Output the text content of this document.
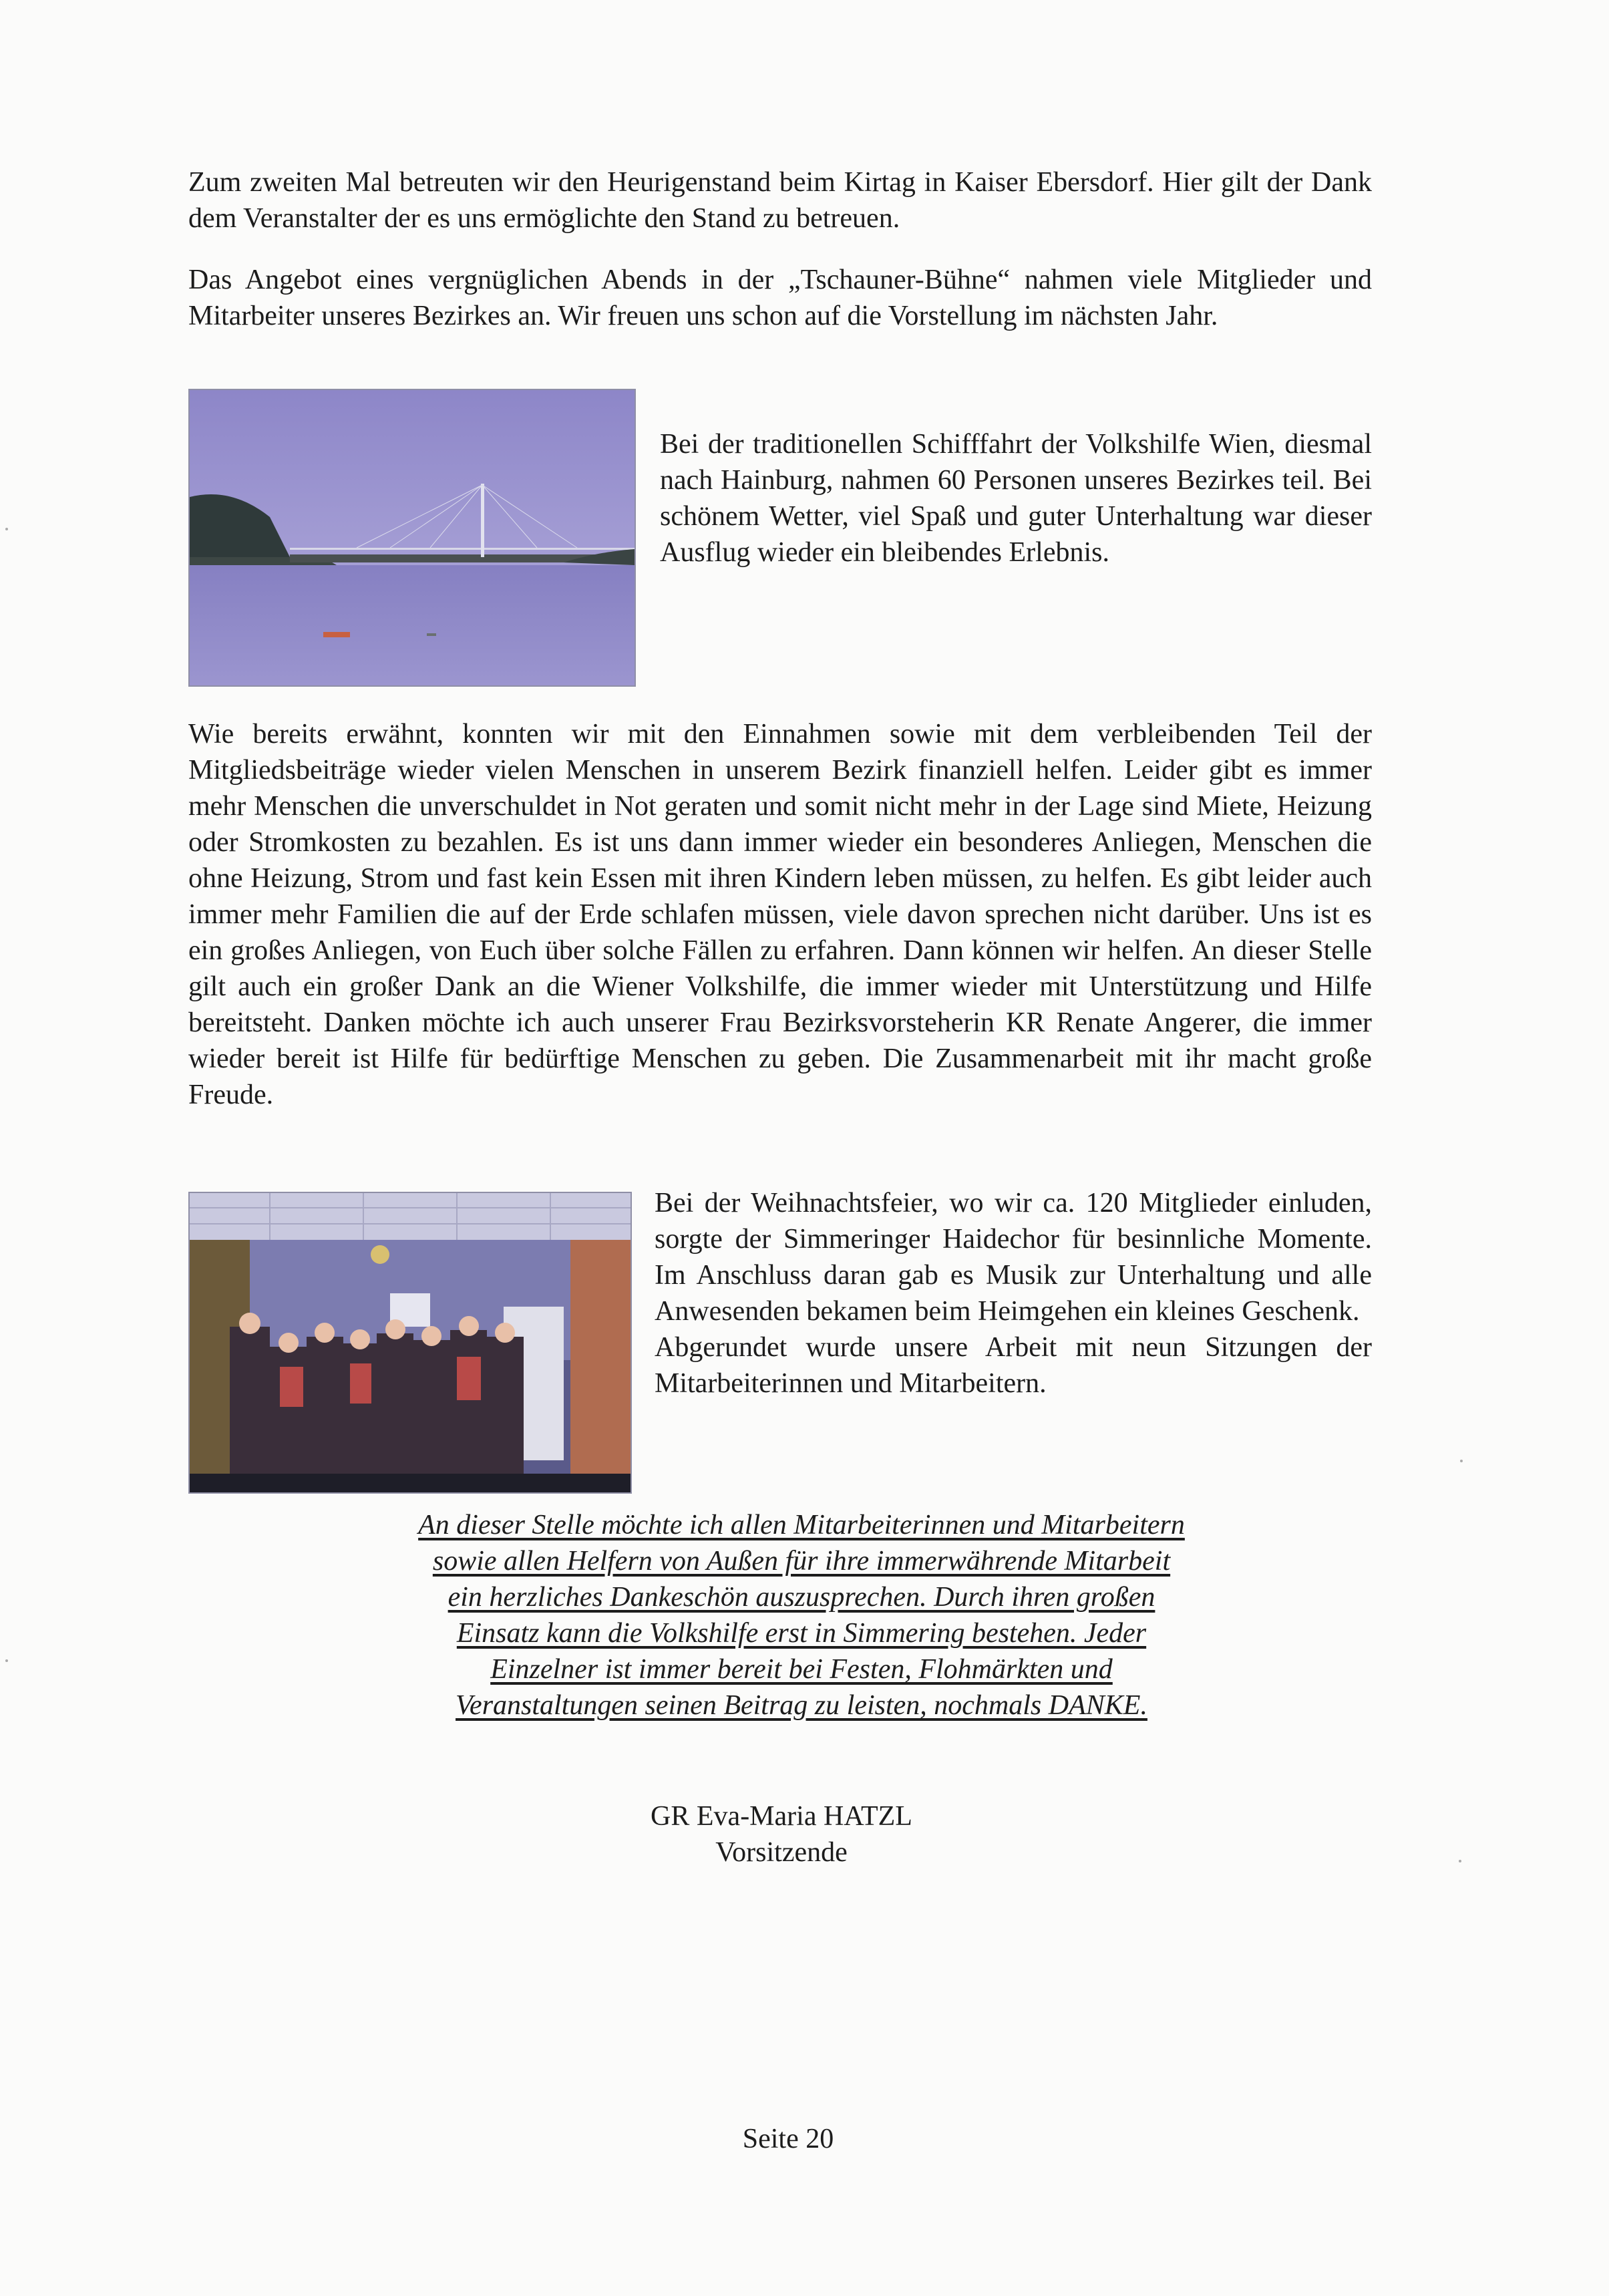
Zum zweiten Mal betreuten wir den Heurigenstand beim Kirtag in Kaiser Ebersdorf. Hier gilt der Dank dem Veranstalter der es uns ermöglichte den Stand zu betreuen.

Das Angebot eines vergnüglichen Abends in der „Tschauner-Bühne“ nahmen viele Mitglieder und Mitarbeiter unseres Bezirkes an. Wir freuen uns schon auf die Vorstellung im nächsten Jahr.

Bei der traditionellen Schifffahrt der Volkshilfe Wien, diesmal nach Hainburg, nahmen 60 Personen unseres Bezirkes teil. Bei schönem Wetter, viel Spaß und guter Unterhaltung war dieser Ausflug wieder ein bleibendes Erlebnis.

Wie bereits erwähnt, konnten wir mit den Einnahmen sowie mit dem verbleibenden Teil der Mitgliedsbeiträge wieder vielen Menschen in unserem Bezirk finanziell helfen. Leider gibt es immer mehr Menschen die unverschuldet in Not geraten und somit nicht mehr in der Lage sind Miete, Heizung oder Stromkosten zu bezahlen. Es ist uns dann immer wieder ein besonderes Anliegen, Menschen die ohne Heizung, Strom und fast kein Essen mit ihren Kindern leben müssen, zu helfen. Es gibt leider auch immer mehr Familien die auf der Erde schlafen müssen, viele davon sprechen nicht darüber. Uns ist es ein großes Anliegen, von Euch über solche Fällen zu erfahren. Dann können wir helfen. An dieser Stelle gilt auch ein großer Dank an die Wiener Volkshilfe, die immer wieder mit Unterstützung und Hilfe bereitsteht. Danken möchte ich auch unserer Frau Bezirksvorsteherin KR Renate Angerer, die immer wieder bereit ist Hilfe für bedürftige Menschen zu geben. Die Zusammenarbeit mit ihr macht große Freude.

Bei der Weihnachtsfeier, wo wir ca. 120 Mitglieder einluden, sorgte der Simmeringer Haidechor für besinnliche Momente. Im Anschluss daran gab es Musik zur Unterhaltung und alle Anwesenden bekamen beim Heimgehen ein kleines Geschenk.

Abgerundet wurde unsere Arbeit mit neun Sitzungen der Mitarbeiterinnen und Mitarbeitern.

An dieser Stelle möchte ich allen Mitarbeiterinnen und Mitarbeitern
sowie allen Helfern von Außen für ihre immerwährende Mitarbeit
ein herzliches Dankeschön auszusprechen. Durch ihren großen
Einsatz kann die Volkshilfe erst in Simmering bestehen. Jeder
Einzelner ist immer bereit bei Festen, Flohmärkten und
Veranstaltungen seinen Beitrag zu leisten, nochmals DANKE.
GR Eva-Maria HATZL
Vorsitzende
Seite 20
